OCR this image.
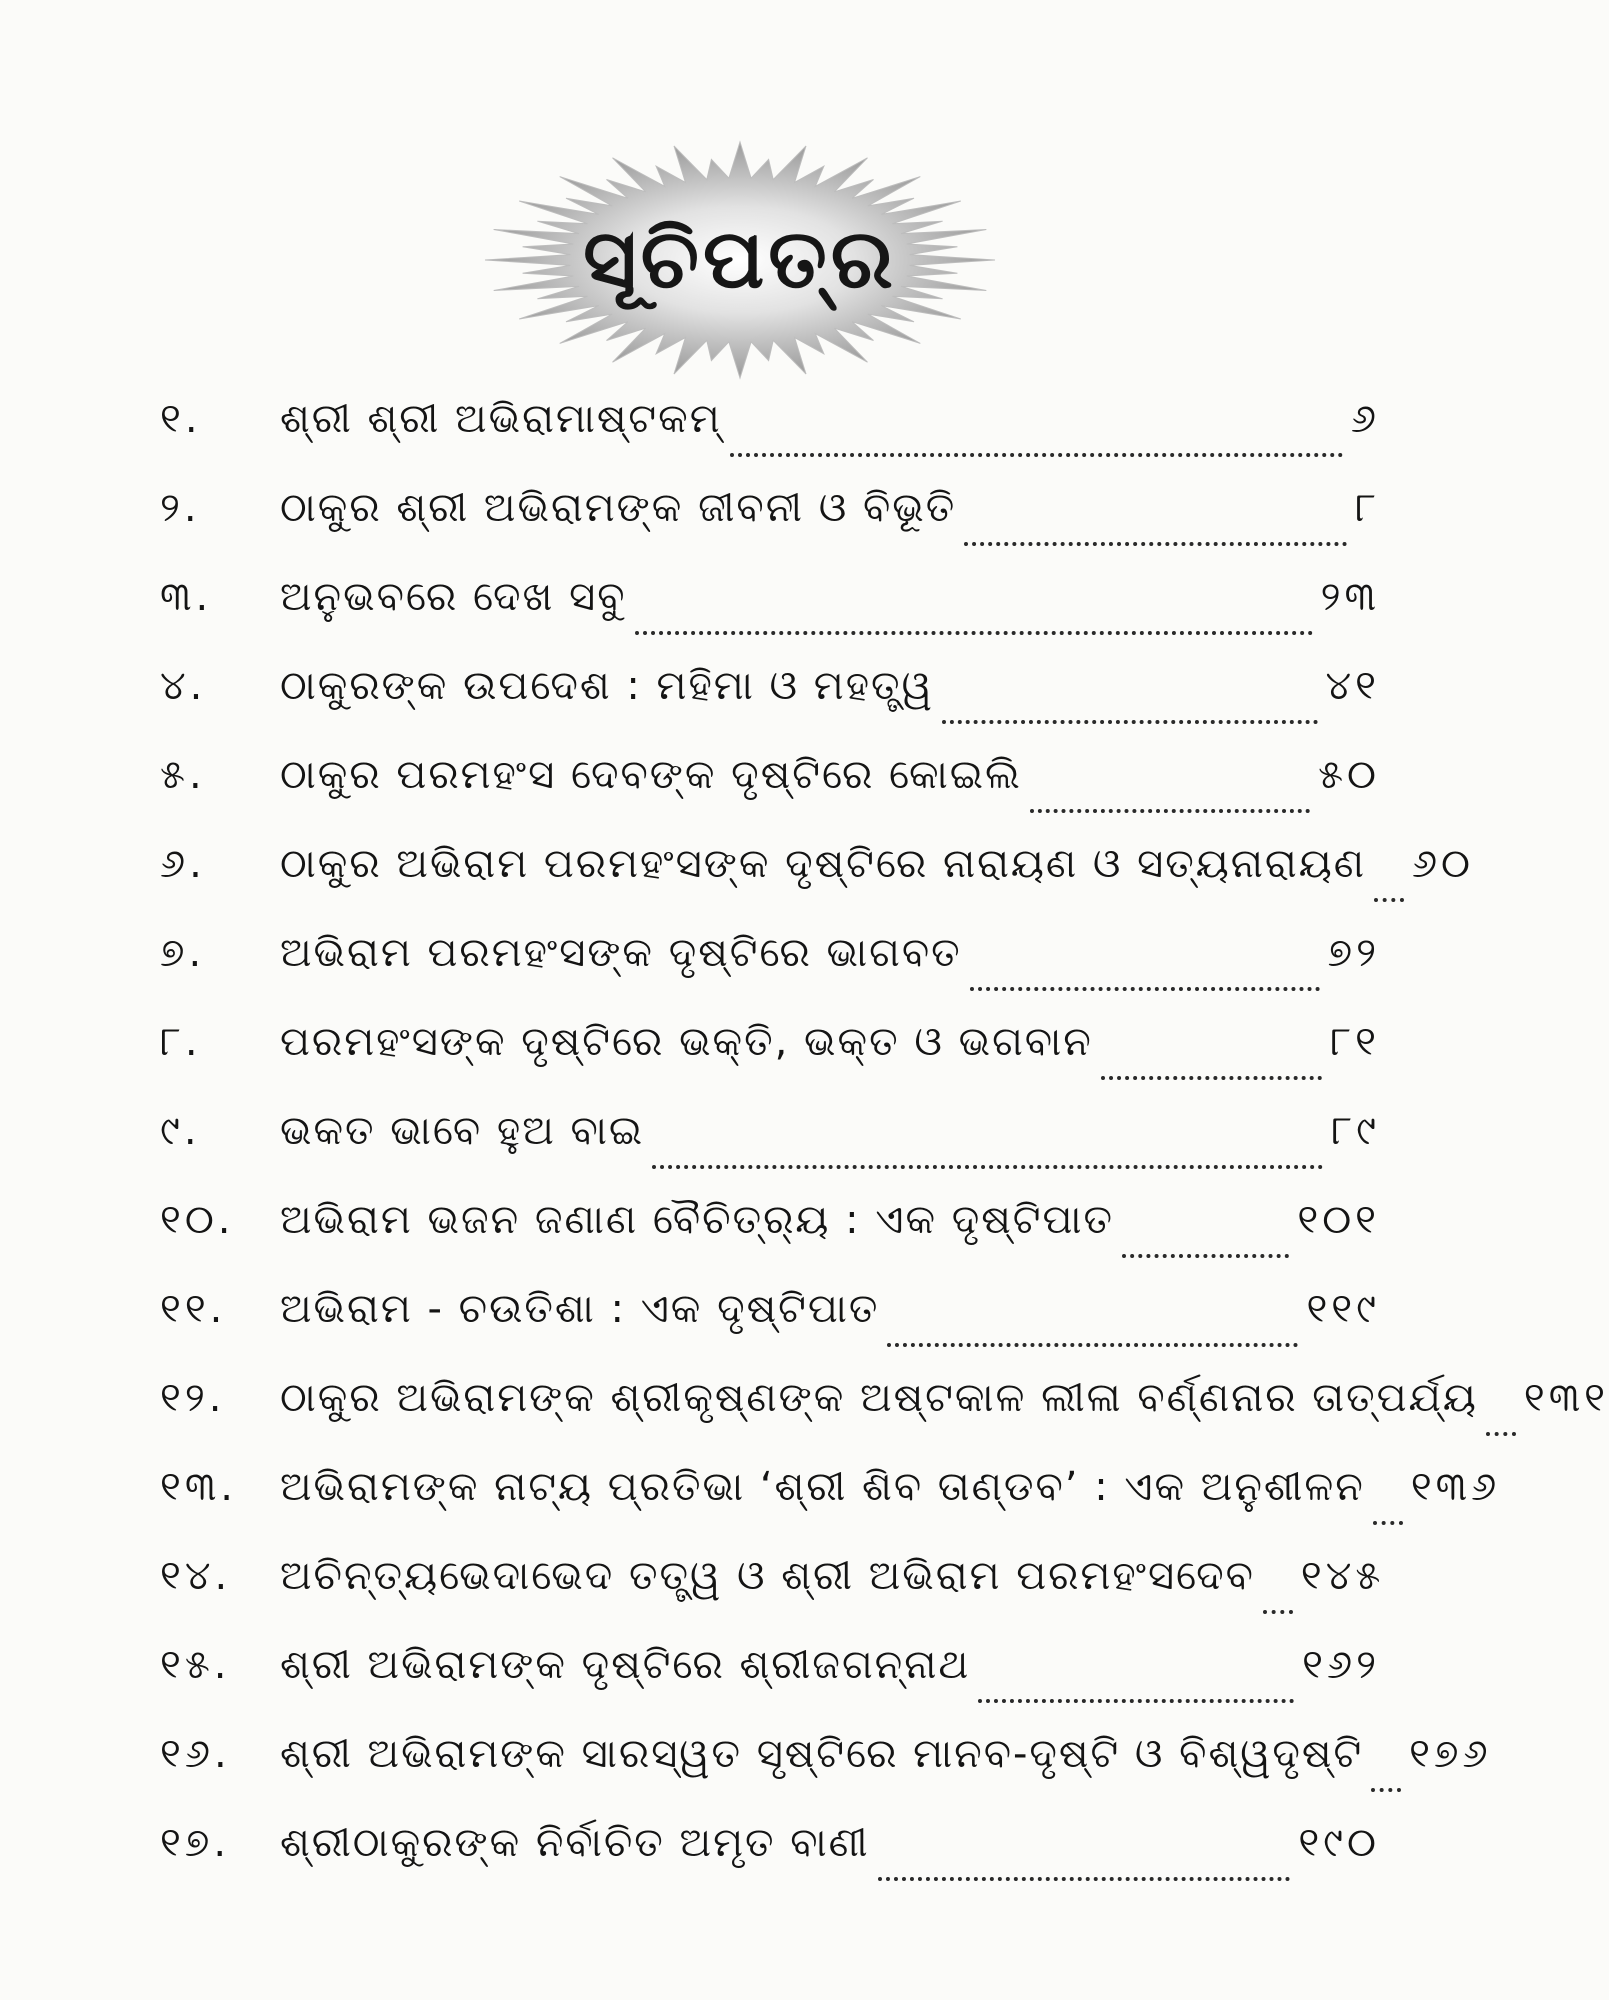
ସୂଚିପତ୍ର
୧.	ଶ୍ରୀ ଶ୍ରୀ ଅଭିରାମାଷ୍ଟକମ୍	୬
୨.	ଠାକୁର ଶ୍ରୀ ଅଭିରାମଙ୍କ ଜୀବନୀ ଓ ବିଭୂତି	୮
୩.	ଅନୁଭବରେ ଦେଖ ସବୁ	୨୩
୪.	ଠାକୁରଙ୍କ ଉପଦେଶ : ମହିମା ଓ ମହତ୍ତ୍ୱ	୪୧
୫.	ଠାକୁର ପରମହଂସ ଦେବଙ୍କ ଦୃଷ୍ଟିରେ କୋଇଲି	୫୦
୬.	ଠାକୁର ଅଭିରାମ ପରମହଂସଙ୍କ ଦୃଷ୍ଟିରେ ନାରାୟଣ ଓ ସତ୍ୟନାରାୟଣ ୬୦
୭.	ଅଭିରାମ ପରମହଂସଙ୍କ ଦୃଷ୍ଟିରେ ଭାଗବତ	୭୨
୮.	ପରମହଂସଙ୍କ ଦୃଷ୍ଟିରେ ଭକ୍ତି, ଭକ୍ତ ଓ ଭଗବାନ	୮୧
୯.	ଭକତ ଭାବେ ହୁଅ ବାଇ	୮୯
୧୦.	ଅଭିରାମ ଭଜନ ଜଣାଣ ବୈଚିତ୍ର୍ୟ : ଏକ ଦୃଷ୍ଟିପାତ	୧୦୧
୧୧.	ଅଭିରାମ - ଚଉତିଶା : ଏକ ଦୃଷ୍ଟିପାତ	୧୧୯
୧୨.	ଠାକୁର ଅଭିରାମଙ୍କ ଶ୍ରୀକୃଷ୍ଣଙ୍କ ଅଷ୍ଟକାଳ ଲୀଳା ବର୍ଣ୍ଣନାର ତାତ୍ପର୍ଯ୍ୟ ୧୩୧
୧୩.	ଅଭିରାମଙ୍କ ନାଟ୍ୟ ପ୍ରତିଭା ‘ଶ୍ରୀ ଶିବ ତାଣ୍ଡବ’ : ଏକ ଅନୁଶୀଳନ ୧୩୬
୧୪.	ଅଚିନ୍ତ୍ୟଭେଦାଭେଦ ତତ୍ତ୍ୱ ଓ ଶ୍ରୀ ଅଭିରାମ ପରମହଂସଦେବ ୧୪୫
୧୫.	ଶ୍ରୀ ଅଭିରାମଙ୍କ ଦୃଷ୍ଟିରେ ଶ୍ରୀଜଗନ୍ନାଥ	୧୬୨
୧୬.	ଶ୍ରୀ ଅଭିରାମଙ୍କ ସାରସ୍ୱତ ସୃଷ୍ଟିରେ ମାନବ-ଦୃଷ୍ଟି ଓ ବିଶ୍ୱଦୃଷ୍ଟି ୧୭୬
୧୭.	ଶ୍ରୀଠାକୁରଙ୍କ ନିର୍ବାଚିତ ଅମୃତ ବାଣୀ	୧୯୦
